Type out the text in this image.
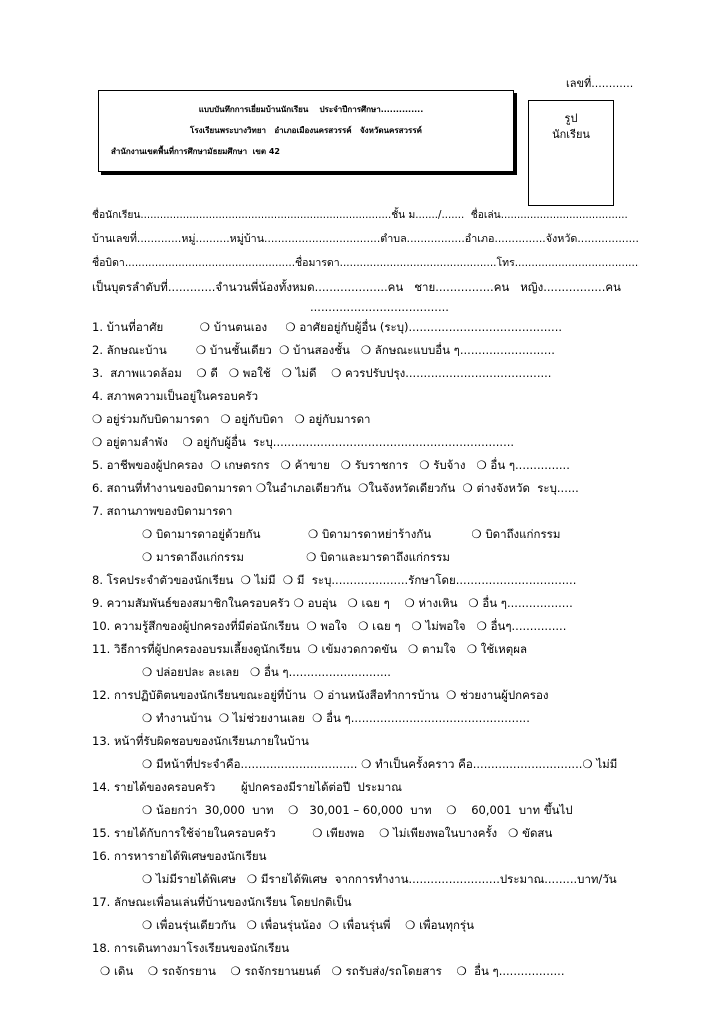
เลขที่............
แบบบันทึกการเยี่ยมบ้านนักเรียน    ประจำปีการศึกษา..............
โรงเรียนพระบางวิทยา   อำเภอเมืองนครสวรรค์   จังหวัดนครสวรรค์
สำนักงานเขตพื้นที่การศึกษามัธยมศึกษา  เขต 42
รูป
นักเรียน
ชื่อนักเรียน.............................................................................ชั้น ม......./.......  ชื่อเล่น.......................................
บ้านเลขที่.............หมู่..........หมู่บ้าน..................................ตำบล.................อำเภอ...............จังหวัด..................
ชื่อบิดา...................................................ชื่อมารดา...............................................โทร.....................................
เป็นบุตรลำดับที่.............จำนวนพี่น้องทั้งหมด....................คน   ชาย................คน   หญิง.................คน
......................................
1. บ้านที่อาศัย          ❍ บ้านตนเอง     ❍ อาศัยอยู่กับผู้อื่น (ระบุ)..........................................
2. ลักษณะบ้าน        ❍ บ้านชั้นเดียว  ❍ บ้านสองชั้น   ❍ ลักษณะแบบอื่น ๆ..........................
3.  สภาพแวดล้อม    ❍ ดี   ❍ พอใช้   ❍ ไม่ดี    ❍ ควรปรับปรุง........................................
4. สภาพความเป็นอยู่ในครอบครัว
❍ อยู่ร่วมกับบิดามารดา   ❍ อยู่กับบิดา   ❍ อยู่กับมารดา
❍ อยู่ตามลำพัง    ❍ อยู่กับผู้อื่น  ระบุ..................................................................
5. อาชีพของผู้ปกครอง  ❍ เกษตรกร   ❍ ค้าขาย   ❍ รับราชการ   ❍ รับจ้าง   ❍ อื่น ๆ...............
6. สถานที่ทำงานของบิดามารดา ❍ในอำเภอเดียวกัน  ❍ในจังหวัดเดียวกัน  ❍ ต่างจังหวัด  ระบุ......
7. สถานภาพของบิดามารดา
❍ บิดามารดาอยู่ด้วยกัน             ❍ บิดามารดาหย่าร้างกัน           ❍ บิดาถึงแก่กรรม
❍ มารดาถึงแก่กรรม                 ❍ บิดาและมารดาถึงแก่กรรม
8. โรคประจำตัวของนักเรียน  ❍ ไม่มี  ❍ มี  ระบุ.....................รักษาโดย.................................
9. ความสัมพันธ์ของสมาชิกในครอบครัว ❍ อบอุ่น   ❍ เฉย ๆ    ❍ ห่างเหิน   ❍ อื่น ๆ..................
10. ความรู้สึกของผู้ปกครองที่มีต่อนักเรียน  ❍ พอใจ   ❍ เฉย ๆ   ❍ ไม่พอใจ   ❍ อื่นๆ...............
11. วิธีการที่ผู้ปกครองอบรมเลี้ยงดูนักเรียน  ❍ เข้มงวดกวดขัน   ❍ ตามใจ   ❍ ใช้เหตุผล
❍ ปล่อยปละ ละเลย   ❍ อื่น ๆ............................
12. การปฏิบัติตนของนักเรียนขณะอยู่ที่บ้าน  ❍ อ่านหนังสือทำการบ้าน  ❍ ช่วยงานผู้ปกครอง
❍ ทำงานบ้าน  ❍ ไม่ช่วยงานเลย  ❍ อื่น ๆ.................................................
13. หน้าที่รับผิดชอบของนักเรียนภายในบ้าน
❍ มีหน้าที่ประจำคือ................................ ❍ ทำเป็นครั้งคราว คือ..............................❍ ไม่มี
14. รายได้ของครอบครัว       ผู้ปกครองมีรายได้ต่อปี  ประมาณ
❍ น้อยกว่า  30,000  บาท    ❍   30,001 – 60,000  บาท    ❍    60,001  บาท ขึ้นไป
15. รายได้กับการใช้จ่ายในครอบครัว          ❍ เพียงพอ    ❍ ไม่เพียงพอในบางครั้ง   ❍ ขัดสน
16. การหารายได้พิเศษของนักเรียน
❍ ไม่มีรายได้พิเศษ   ❍ มีรายได้พิเศษ  จากการทำงาน.........................ประมาณ.........บาท/วัน
17. ลักษณะเพื่อนเล่นที่บ้านของนักเรียน โดยปกติเป็น
❍ เพื่อนรุ่นเดียวกัน   ❍ เพื่อนรุ่นน้อง  ❍ เพื่อนรุ่นพี่    ❍ เพื่อนทุกรุ่น
18. การเดินทางมาโรงเรียนของนักเรียน
❍ เดิน    ❍ รถจักรยาน    ❍ รถจักรยานยนต์   ❍ รถรับส่ง/รถโดยสาร    ❍  อื่น ๆ..................
